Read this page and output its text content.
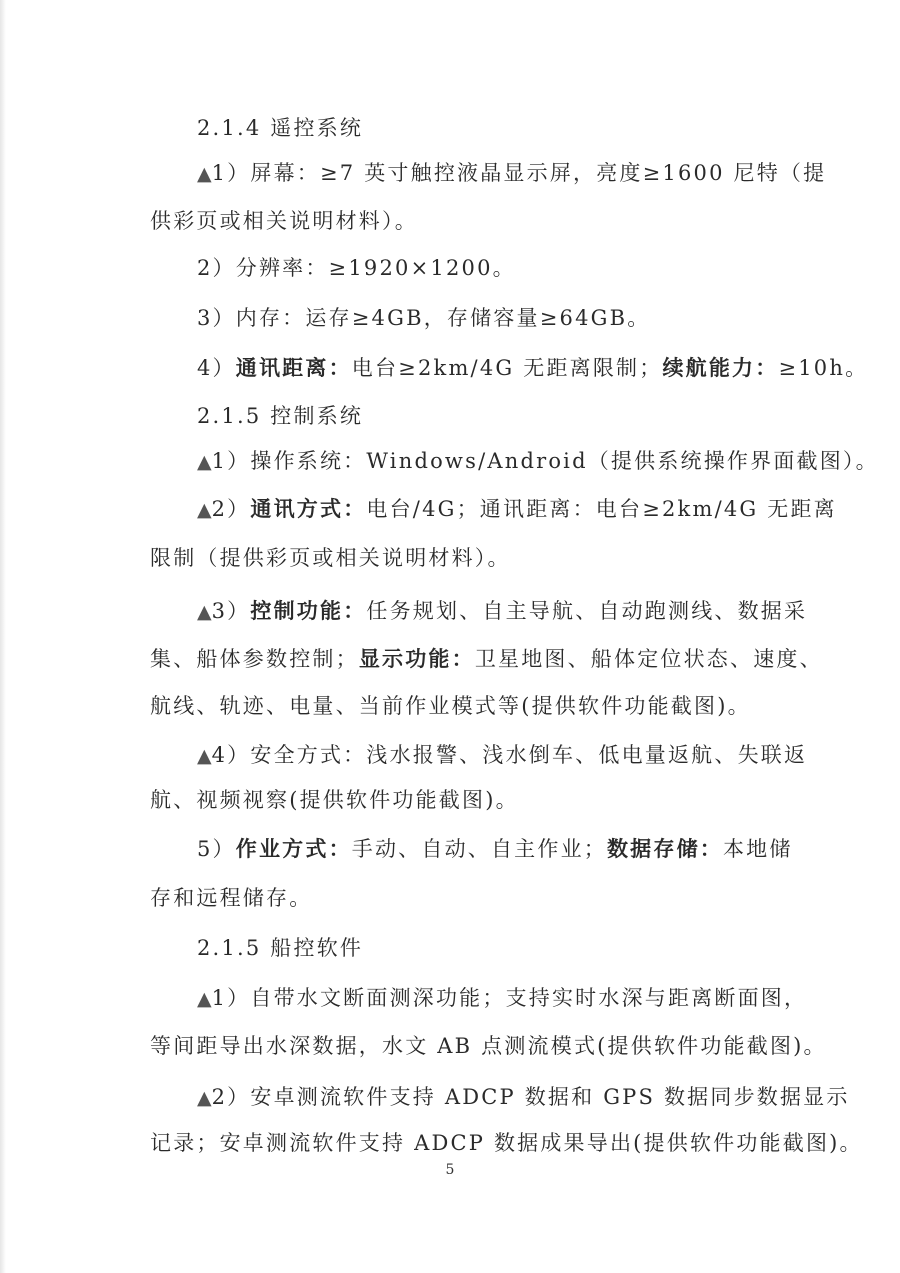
2.1.4 遥控系统
▲1）屏幕：≥7 英寸触控液晶显示屏，亮度≥1600 尼特（提
供彩页或相关说明材料）。
2）分辨率：≥1920×1200。
3）内存：运存≥4GB，存储容量≥64GB。
4）通讯距离：电台≥2km/4G 无距离限制；续航能力：≥10h。
2.1.5 控制系统
▲1）操作系统：Windows/Android（提供系统操作界面截图）。
▲2）通讯方式：电台/4G；通讯距离：电台≥2km/4G 无距离
限制（提供彩页或相关说明材料）。
▲3）控制功能：任务规划、自主导航、自动跑测线、数据采
集、船体参数控制；显示功能：卫星地图、船体定位状态、速度、
航线、轨迹、电量、当前作业模式等(提供软件功能截图)。
▲4）安全方式：浅水报警、浅水倒车、低电量返航、失联返
航、视频视察(提供软件功能截图)。
5）作业方式：手动、自动、自主作业；数据存储：本地储
存和远程储存。
2.1.5 船控软件
▲1）自带水文断面测深功能；支持实时水深与距离断面图，
等间距导出水深数据，水文 AB 点测流模式(提供软件功能截图)。
▲2）安卓测流软件支持 ADCP 数据和 GPS 数据同步数据显示
记录；安卓测流软件支持 ADCP 数据成果导出(提供软件功能截图)。
5
